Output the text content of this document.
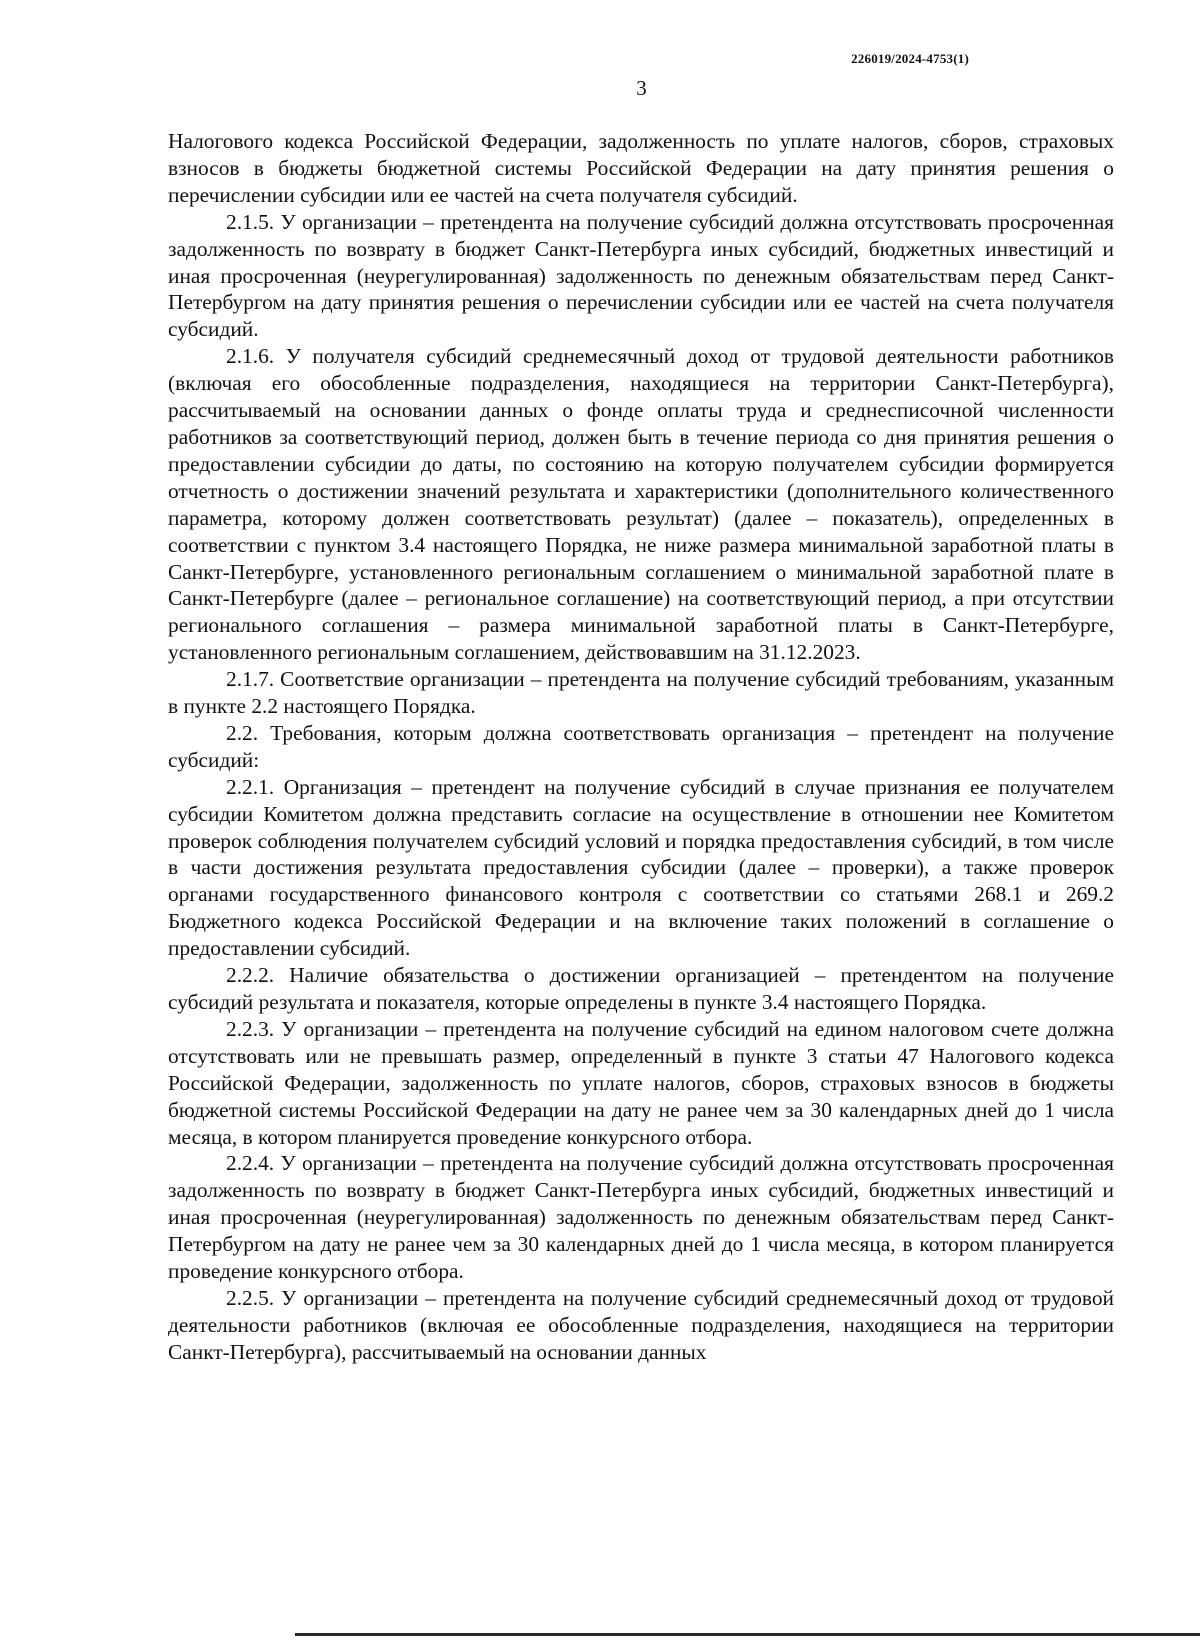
226019/2024-4753(1)
3

Налогового кодекса Российской Федерации, задолженность по уплате налогов, сборов, страховых взносов в бюджеты бюджетной системы Российской Федерации на дату принятия решения о перечислении субсидии или ее частей на счета получателя субсидий.

2.1.5. У организации – претендента на получение субсидий должна отсутствовать просроченная задолженность по возврату в бюджет Санкт-Петербурга иных субсидий, бюджетных инвестиций и иная просроченная (неурегулированная) задолженность по денежным обязательствам перед Санкт-Петербургом на дату принятия решения о перечислении субсидии или ее частей на счета получателя субсидий.

2.1.6. У получателя субсидий среднемесячный доход от трудовой деятельности работников (включая его обособленные подразделения, находящиеся на территории Санкт-Петербурга), рассчитываемый на основании данных о фонде оплаты труда и среднесписочной численности работников за соответствующий период, должен быть в течение периода со дня принятия решения о предоставлении субсидии до даты, по состоянию на которую получателем субсидии формируется отчетность о достижении значений результата и характеристики (дополнительного количественного параметра, которому должен соответствовать результат) (далее – показатель), определенных в соответствии с пунктом 3.4 настоящего Порядка, не ниже размера минимальной заработной платы в Санкт-Петербурге, установленного региональным соглашением о минимальной заработной плате в Санкт-Петербурге (далее – региональное соглашение) на соответствующий период, а при отсутствии регионального соглашения – размера минимальной заработной платы в Санкт-Петербурге, установленного региональным соглашением, действовавшим на 31.12.2023.

2.1.7. Соответствие организации – претендента на получение субсидий требованиям, указанным в пункте 2.2 настоящего Порядка.

2.2. Требования, которым должна соответствовать организация – претендент на получение субсидий:

2.2.1. Организация – претендент на получение субсидий в случае признания ее получателем субсидии Комитетом должна представить согласие на осуществление в отношении нее Комитетом проверок соблюдения получателем субсидий условий и порядка предоставления субсидий, в том числе в части достижения результата предоставления субсидии (далее – проверки), а также проверок органами государственного финансового контроля с соответствии со статьями 268.1 и 269.2 Бюджетного кодекса Российской Федерации и на включение таких положений в соглашение о предоставлении субсидий.

2.2.2. Наличие обязательства о достижении организацией – претендентом на получение субсидий результата и показателя, которые определены в пункте 3.4 настоящего Порядка.

2.2.3. У организации – претендента на получение субсидий на едином налоговом счете должна отсутствовать или не превышать размер, определенный в пункте 3 статьи 47 Налогового кодекса Российской Федерации, задолженность по уплате налогов, сборов, страховых взносов в бюджеты бюджетной системы Российской Федерации на дату не ранее чем за 30 календарных дней до 1 числа месяца, в котором планируется проведение конкурсного отбора.

2.2.4. У организации – претендента на получение субсидий должна отсутствовать просроченная задолженность по возврату в бюджет Санкт-Петербурга иных субсидий, бюджетных инвестиций и иная просроченная (неурегулированная) задолженность по денежным обязательствам перед Санкт-Петербургом на дату не ранее чем за 30 календарных дней до 1 числа месяца, в котором планируется проведение конкурсного отбора.

2.2.5. У организации – претендента на получение субсидий среднемесячный доход от трудовой деятельности работников (включая ее обособленные подразделения, находящиеся на территории Санкт-Петербурга), рассчитываемый на основании данных
